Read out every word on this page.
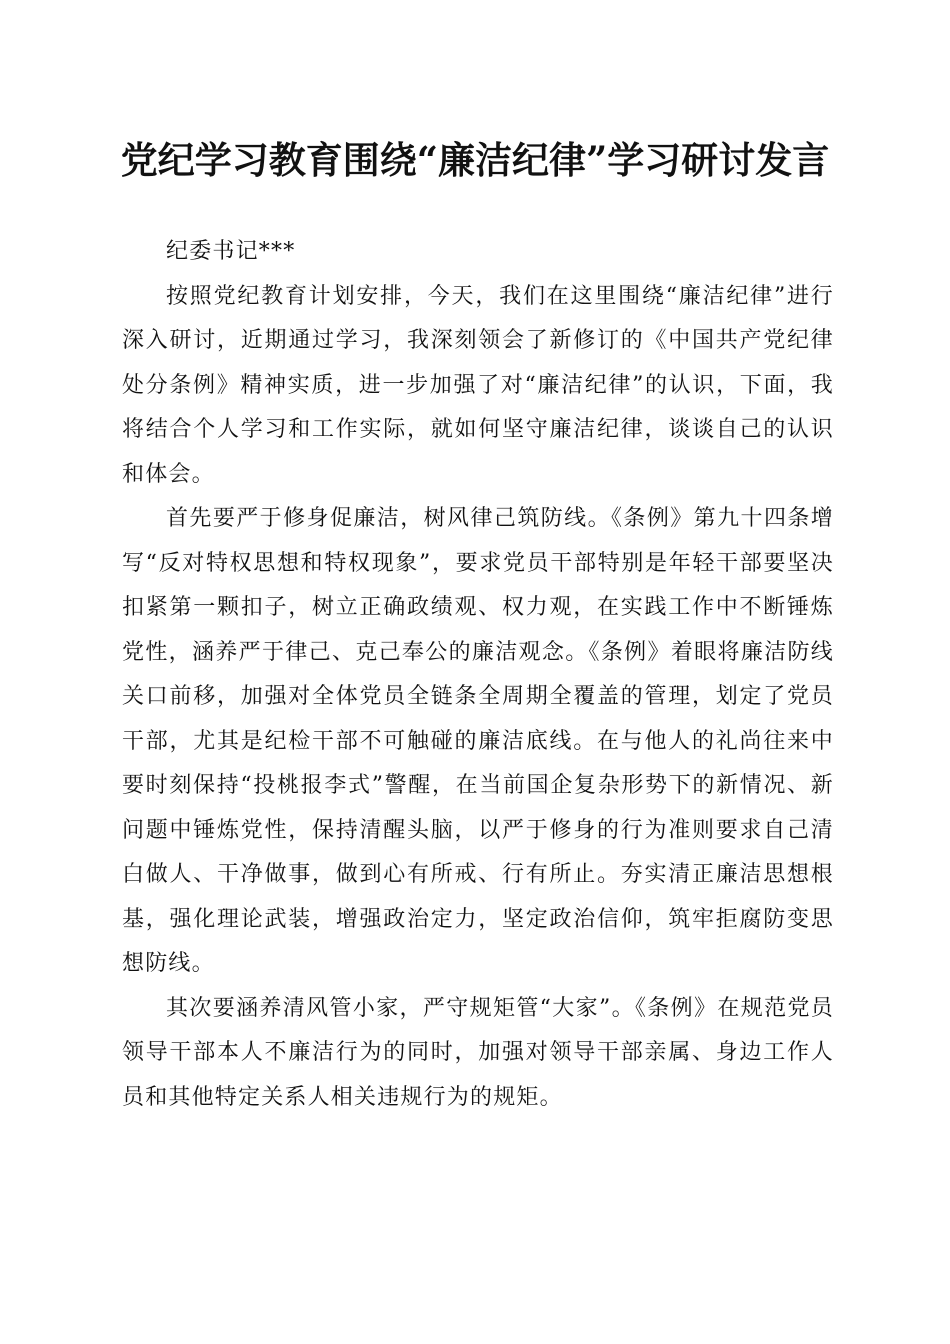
党纪学习教育围绕“廉洁纪律”学习研讨发言

纪委书记***

按照党纪教育计划安排，今天，我们在这里围绕“廉洁纪律”进行深入研讨，近期通过学习，我深刻领会了新修订的《中国共产党纪律处分条例》精神实质，进一步加强了对“廉洁纪律”的认识，下面，我将结合个人学习和工作实际，就如何坚守廉洁纪律，谈谈自己的认识和体会。

首先要严于修身促廉洁，树风律己筑防线。《条例》第九十四条增写“反对特权思想和特权现象”，要求党员干部特别是年轻干部要坚决扣紧第一颗扣子，树立正确政绩观、权力观，在实践工作中不断锤炼党性，涵养严于律己、克己奉公的廉洁观念。《条例》着眼将廉洁防线关口前移，加强对全体党员全链条全周期全覆盖的管理，划定了党员干部，尤其是纪检干部不可触碰的廉洁底线。在与他人的礼尚往来中要时刻保持“投桃报李式”警醒，在当前国企复杂形势下的新情况、新问题中锤炼党性，保持清醒头脑，以严于修身的行为准则要求自己清白做人、干净做事，做到心有所戒、行有所止。夯实清正廉洁思想根基，强化理论武装，增强政治定力，坚定政治信仰，筑牢拒腐防变思想防线。

其次要涵养清风管小家，严守规矩管“大家”。《条例》在规范党员领导干部本人不廉洁行为的同时，加强对领导干部亲属、身边工作人员和其他特定关系人相关违规行为的规矩。
